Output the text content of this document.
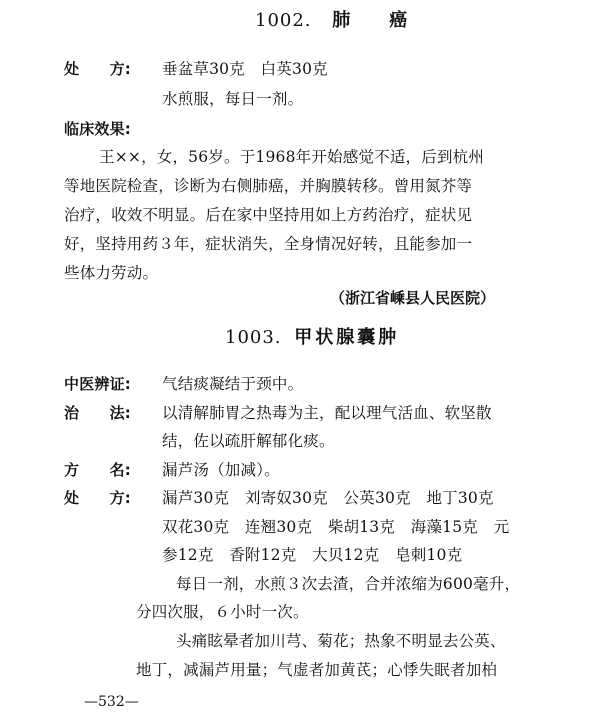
1002. 肺　　癌
处　　方: 垂盆草30克　白英30克
水煎服，每日一剂。
临床效果:
王××，女，56岁。于1968年开始感觉不适，后到杭州
等地医院检查，诊断为右侧肺癌，并胸膜转移。曾用氮芥等
治疗，收效不明显。后在家中坚持用如上方药治疗，症状见
好，坚持用药３年，症状消失，全身情况好转，且能参加一
些体力劳动。
（浙江省嵊县人民医院）
1003. 甲状腺囊肿
中医辨证: 气结痰凝结于颈中。
治　　法: 以清解肺胃之热毒为主，配以理气活血、软坚散
结，佐以疏肝解郁化痰。
方　　名: 漏芦汤（加减）。
处　　方: 漏芦30克　刘寄奴30克　公英30克　地丁30克
双花30克　连翘30克　柴胡13克　海藻15克　元
参12克　香附12克　大贝12克　皂刺10克
每日一剂，水煎３次去渣，合并浓缩为600毫升，
分四次服，６小时一次。
头痛眩晕者加川芎、菊花；热象不明显去公英、
地丁，减漏芦用量；气虚者加黄芪；心悸失眠者加柏
—532—
